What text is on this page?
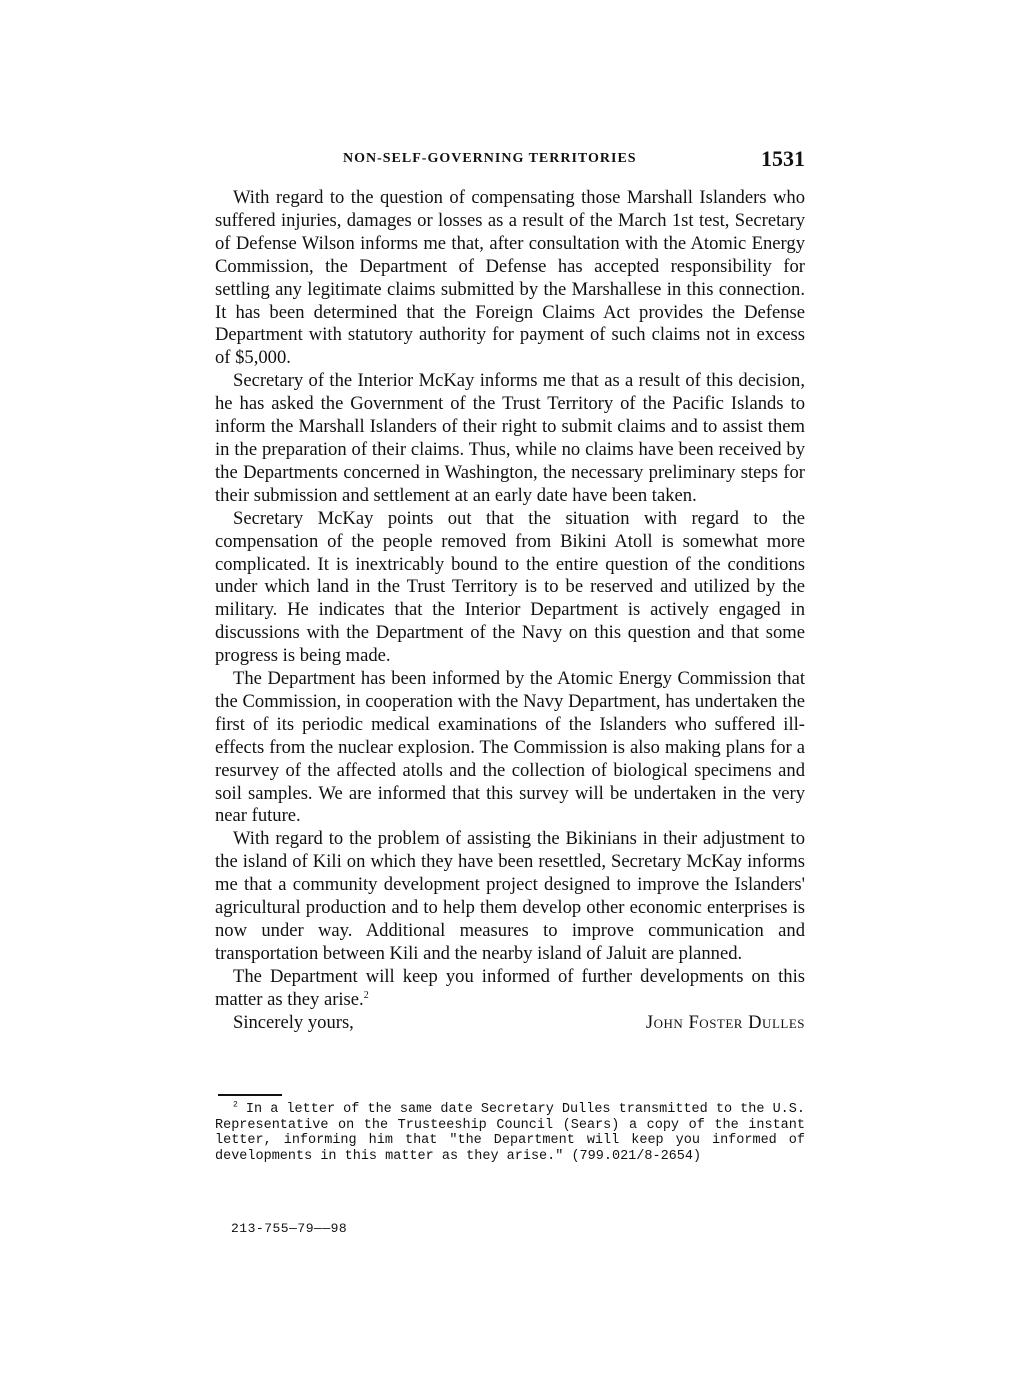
NON-SELF-GOVERNING TERRITORIES	1531

With regard to the question of compensating those Marshall Islanders who suffered injuries, damages or losses as a result of the March 1st test, Secretary of Defense Wilson informs me that, after consultation with the Atomic Energy Commission, the Department of Defense has accepted responsibility for settling any legitimate claims submitted by the Marshallese in this connection. It has been determined that the Foreign Claims Act provides the Defense Department with statutory authority for payment of such claims not in excess of $5,000.

Secretary of the Interior McKay informs me that as a result of this decision, he has asked the Government of the Trust Territory of the Pacific Islands to inform the Marshall Islanders of their right to submit claims and to assist them in the preparation of their claims. Thus, while no claims have been received by the Departments concerned in Washington, the necessary preliminary steps for their submission and settlement at an early date have been taken.

Secretary McKay points out that the situation with regard to the compensation of the people removed from Bikini Atoll is somewhat more complicated. It is inextricably bound to the entire question of the conditions under which land in the Trust Territory is to be reserved and utilized by the military. He indicates that the Interior Department is actively engaged in discussions with the Department of the Navy on this question and that some progress is being made.

The Department has been informed by the Atomic Energy Commission that the Commission, in cooperation with the Navy Department, has undertaken the first of its periodic medical examinations of the Islanders who suffered ill-effects from the nuclear explosion. The Commission is also making plans for a resurvey of the affected atolls and the collection of biological specimens and soil samples. We are informed that this survey will be undertaken in the very near future.

With regard to the problem of assisting the Bikinians in their adjustment to the island of Kili on which they have been resettled, Secretary McKay informs me that a community development project designed to improve the Islanders' agricultural production and to help them develop other economic enterprises is now under way. Additional measures to improve communication and transportation between Kili and the nearby island of Jaluit are planned.

The Department will keep you informed of further developments on this matter as they arise.$^2$

Sincerely yours,	John Foster Dulles
$^2$ In a letter of the same date Secretary Dulles transmitted to the U.S. Representative on the Trusteeship Council (Sears) a copy of the instant letter, informing him that "the Department will keep you informed of developments in this matter as they arise." (799.021/8-2654)
213-755—79——98
